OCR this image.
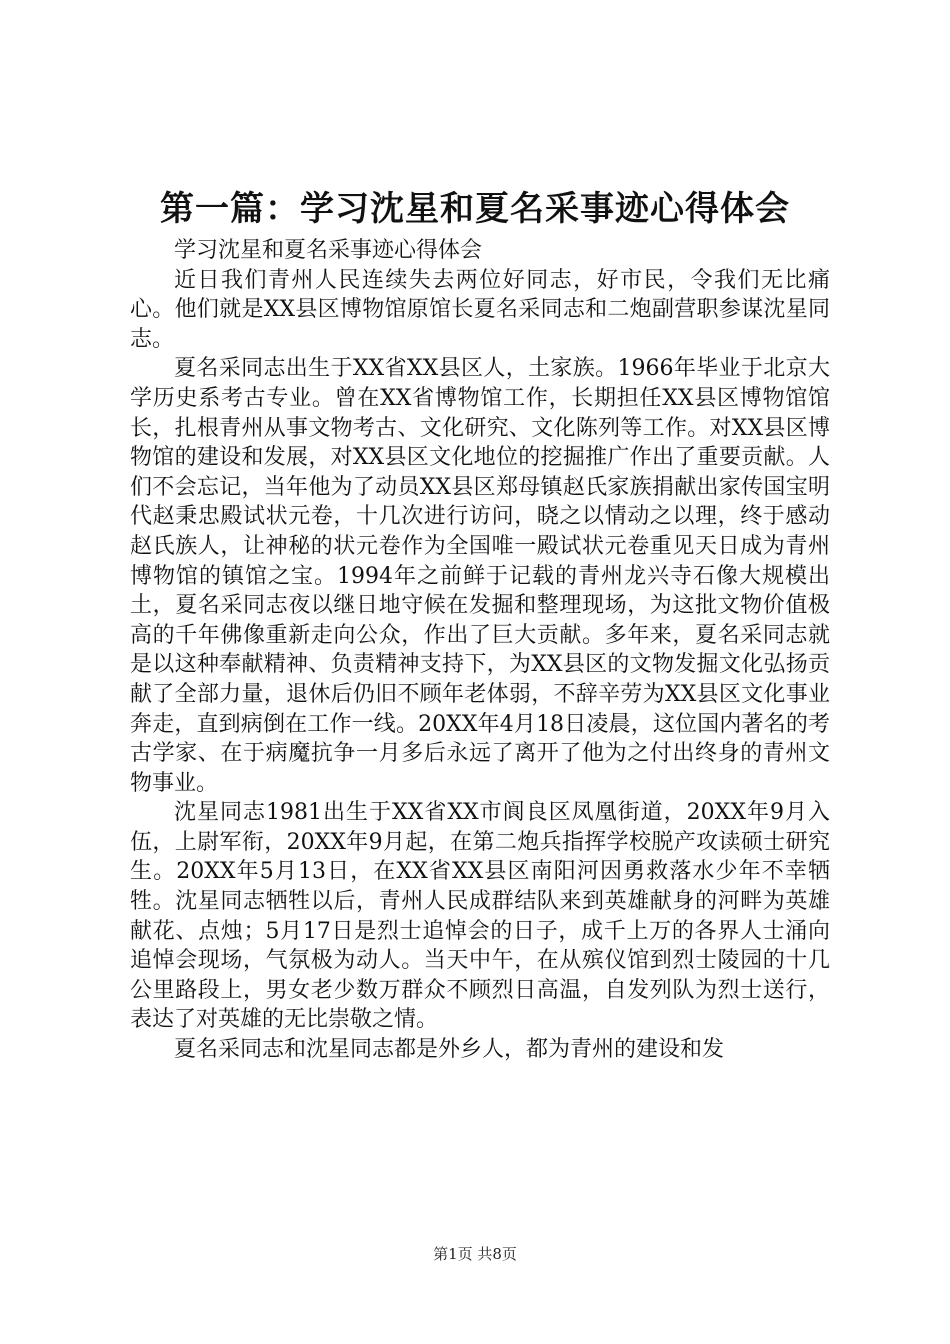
第一篇：学习沈星和夏名采事迹心得体会

学习沈星和夏名采事迹心得体会

近日我们青州人民连续失去两位好同志，好市民，令我们无比痛心。他们就是XX县区博物馆原馆长夏名采同志和二炮副营职参谋沈星同志。

夏名采同志出生于XX省XX县区人，土家族。1966年毕业于北京大学历史系考古专业。曾在XX省博物馆工作，长期担任XX县区博物馆馆长，扎根青州从事文物考古、文化研究、文化陈列等工作。对XX县区博物馆的建设和发展，对XX县区文化地位的挖掘推广作出了重要贡献。人们不会忘记，当年他为了动员XX县区郑母镇赵氏家族捐献出家传国宝明代赵秉忠殿试状元卷，十几次进行访问，晓之以情动之以理，终于感动赵氏族人，让神秘的状元卷作为全国唯一殿试状元卷重见天日成为青州博物馆的镇馆之宝。1994年之前鲜于记载的青州龙兴寺石像大规模出土，夏名采同志夜以继日地守候在发掘和整理现场，为这批文物价值极高的千年佛像重新走向公众，作出了巨大贡献。多年来，夏名采同志就是以这种奉献精神、负责精神支持下，为XX县区的文物发掘文化弘扬贡献了全部力量，退休后仍旧不顾年老体弱，不辞辛劳为XX县区文化事业奔走，直到病倒在工作一线。20XX年4月18日凌晨，这位国内著名的考古学家、在于病魔抗争一月多后永远了离开了他为之付出终身的青州文物事业。

沈星同志1981出生于XX省XX市阆良区凤凰街道，20XX年9月入伍，上尉军衔，20XX年9月起，在第二炮兵指挥学校脱产攻读硕士研究生。20XX年5月13日，在XX省XX县区南阳河因勇救落水少年不幸牺牲。沈星同志牺牲以后，青州人民成群结队来到英雄献身的河畔为英雄献花、点烛；5月17日是烈士追悼会的日子，成千上万的各界人士涌向追悼会现场，气氛极为动人。当天中午，在从殡仪馆到烈士陵园的十几公里路段上，男女老少数万群众不顾烈日高温，自发列队为烈士送行，表达了对英雄的无比崇敬之情。

夏名采同志和沈星同志都是外乡人，都为青州的建设和发

第1页 共8页
